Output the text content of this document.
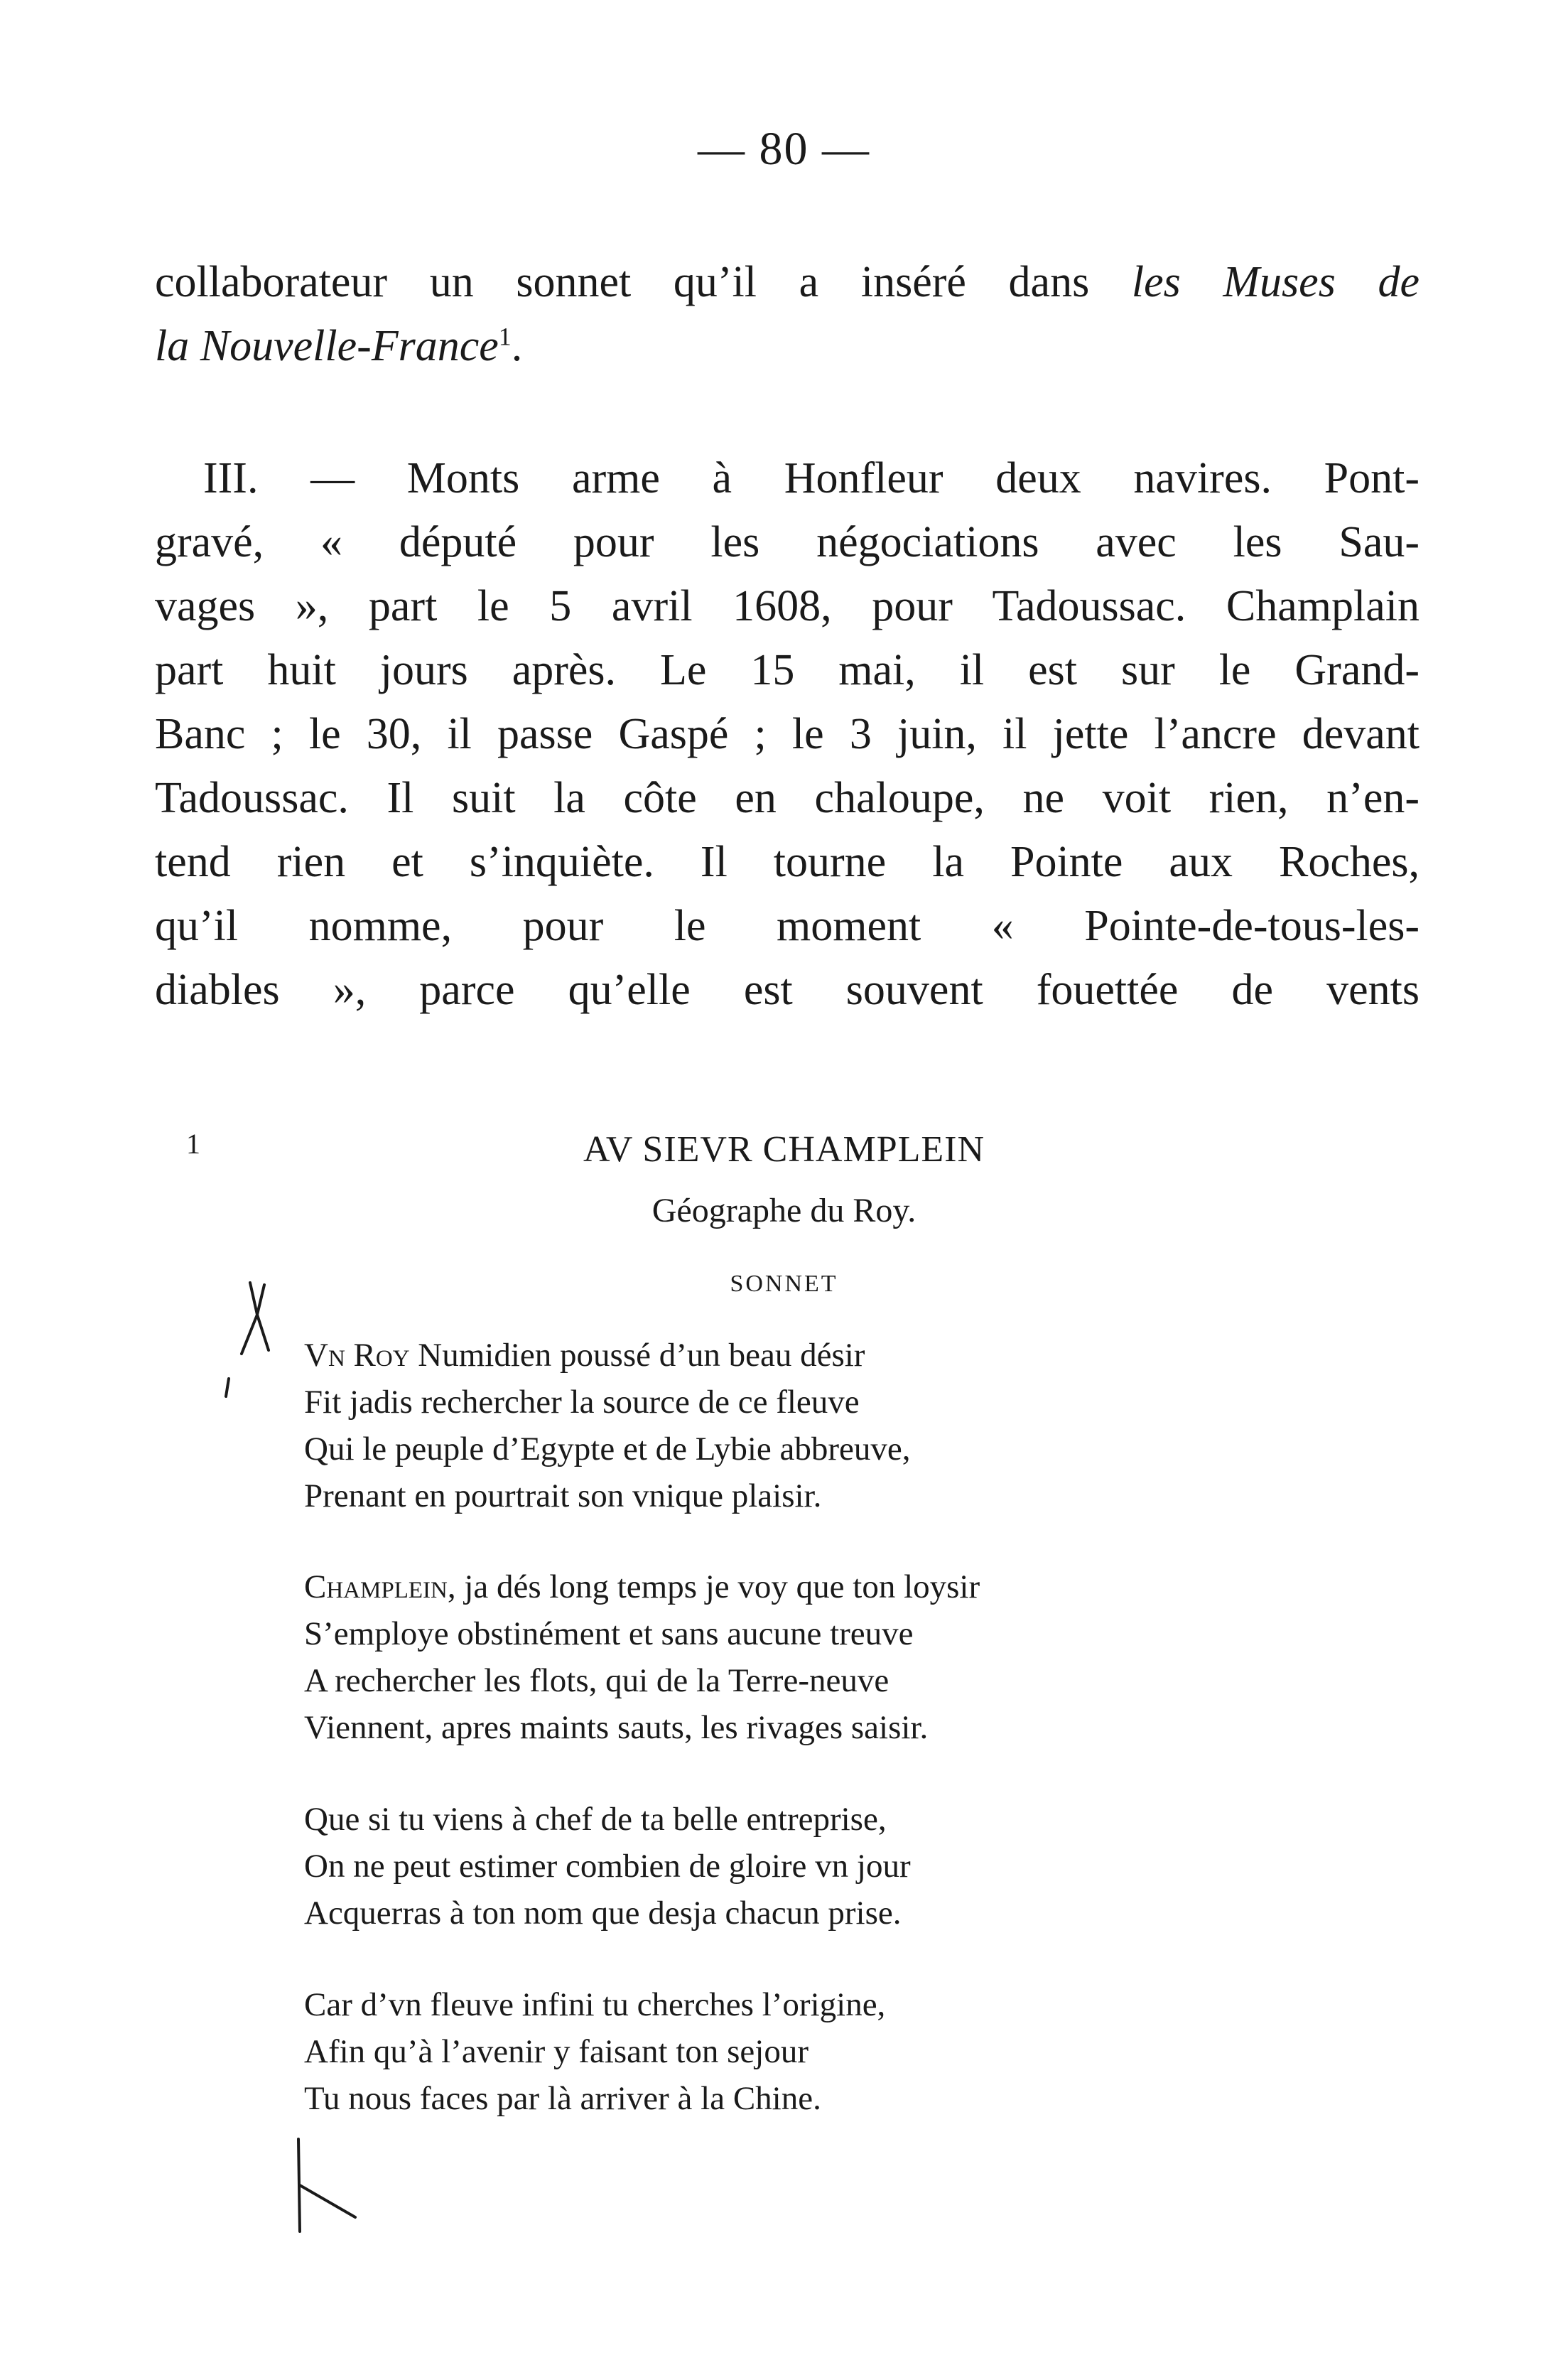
— 80 —
collaborateur un sonnet qu’il a inséré dans les Muses de
la Nouvelle-France$^1$.
III. — Monts arme à Honfleur deux navires. Pont-
gravé, « député pour les négociations avec les Sau-
vages », part le 5 avril 1608, pour Tadoussac. Champlain
part huit jours après. Le 15 mai, il est sur le Grand-
Banc ; le 30, il passe Gaspé ; le 3 juin, il jette l’ancre devant
Tadoussac. Il suit la côte en chaloupe, ne voit rien, n’en-
tend rien et s’inquiète. Il tourne la Pointe aux Roches,
qu’il nomme, pour le moment « Pointe-de-tous-les-
diables », parce qu’elle est souvent fouettée de vents
1	AV SIEVR CHAMPLEIN
Géographe du Roy.
SONNET
Vn Roy Numidien poussé d’un beau désir
Fit jadis rechercher la source de ce fleuve
Qui le peuple d’Egypte et de Lybie abbreuve,
Prenant en pourtrait son vnique plaisir.
Champlein, ja dés long temps je voy que ton loysir
S’employe obstinément et sans aucune treuve
A rechercher les flots, qui de la Terre-neuve
Viennent, apres maints sauts, les rivages saisir.
Que si tu viens à chef de ta belle entreprise,
On ne peut estimer combien de gloire vn jour
Acquerras à ton nom que desja chacun prise.
Car d’vn fleuve infini tu cherches l’origine,
Afin qu’à l’avenir y faisant ton sejour
Tu nous faces par là arriver à la Chine.
